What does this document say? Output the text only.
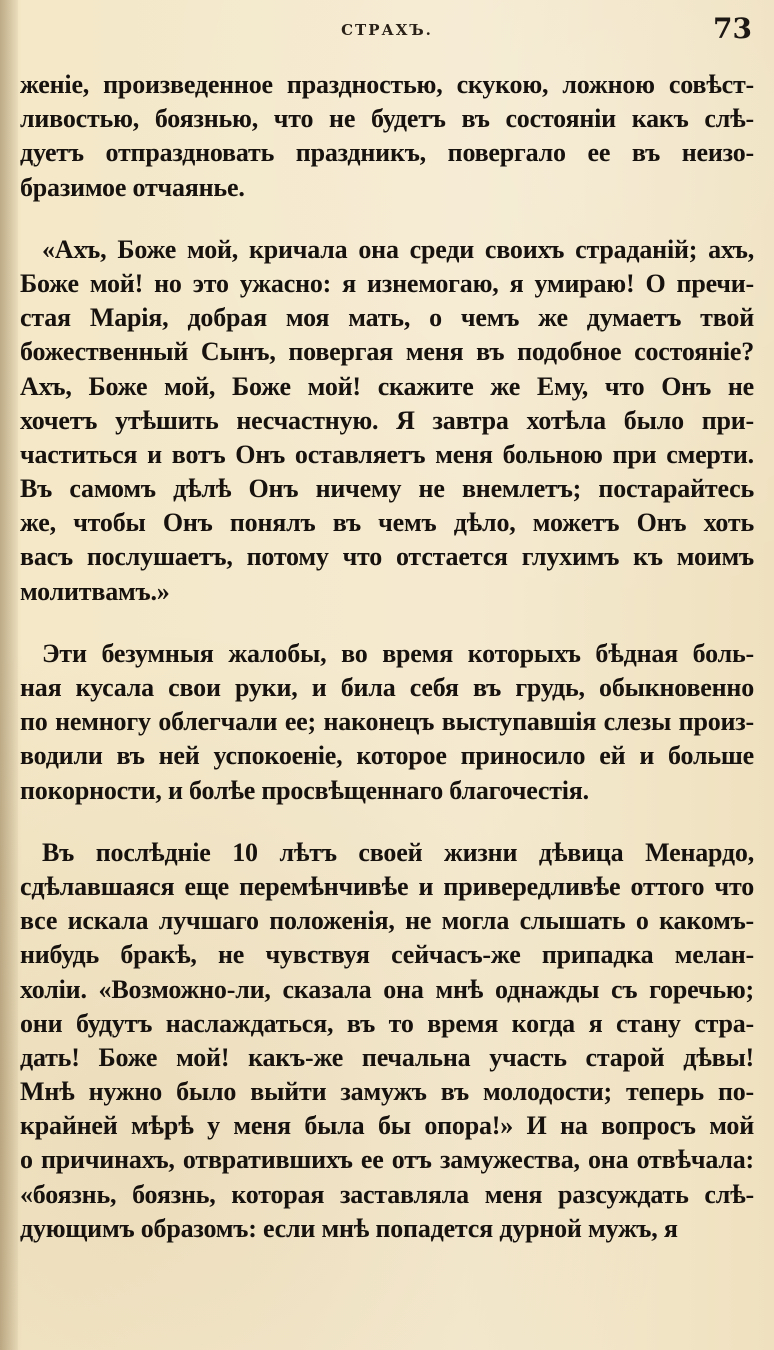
СТРАХЪ.	73

женіе, произведенное праздностью, скукою, ложною совѣст-
ливостью, боязнью, что не будетъ въ состояніи какъ слѣ-
дуетъ отпраздновать праздникъ, повергало ее въ неизо-
бразимое отчаянье.

«Ахъ, Боже мой, кричала она среди своихъ страданій; ахъ,
Боже мой! но это ужасно: я изнемогаю, я умираю! О пречи-
стая Марія, добрая моя мать, о чемъ же думаетъ твой
божественный Сынъ, повергая меня въ подобное состояніе?
Ахъ, Боже мой, Боже мой! скажите же Ему, что Онъ не
хочетъ утѣшить несчастную. Я завтра хотѣла было при-
частиться и вотъ Онъ оставляетъ меня больною при смерти.
Въ самомъ дѣлѣ Онъ ничему не внемлетъ; постарайтесь
же, чтобы Онъ понялъ въ чемъ дѣло, можетъ Онъ хоть
васъ послушаетъ, потому что отстается глухимъ къ моимъ
молитвамъ.»

Эти безумныя жалобы, во время которыхъ бѣдная боль-
ная кусала свои руки, и била себя въ грудь, обыкновенно
по немногу облегчали ее; наконецъ выступавшія слезы произ-
водили въ ней успокоеніе, которое приносило ей и больше
покорности, и болѣе просвѣщеннаго благочестія.

Въ послѣдніе 10 лѣтъ своей жизни дѣвица Менардо,
сдѣлавшаяся еще перемѣнчивѣе и привередливѣе оттого что
все искала лучшаго положенія, не могла слышать о какомъ-
нибудь бракѣ, не чувствуя сейчасъ-же припадка мелан-
холіи. «Возможно-ли, сказала она мнѣ однажды съ горечью;
они будутъ наслаждаться, въ то время когда я стану стра-
дать! Боже мой! какъ-же печальна участь старой дѣвы!
Мнѣ нужно было выйти замужъ въ молодости; теперь по-
крайней мѣрѣ у меня была бы опора!» И на вопросъ мой
о причинахъ, отвратившихъ ее отъ замужества, она отвѣчала:
«боязнь, боязнь, которая заставляла меня разсуждать слѣ-
дующимъ образомъ: если мнѣ попадется дурной мужъ, я
